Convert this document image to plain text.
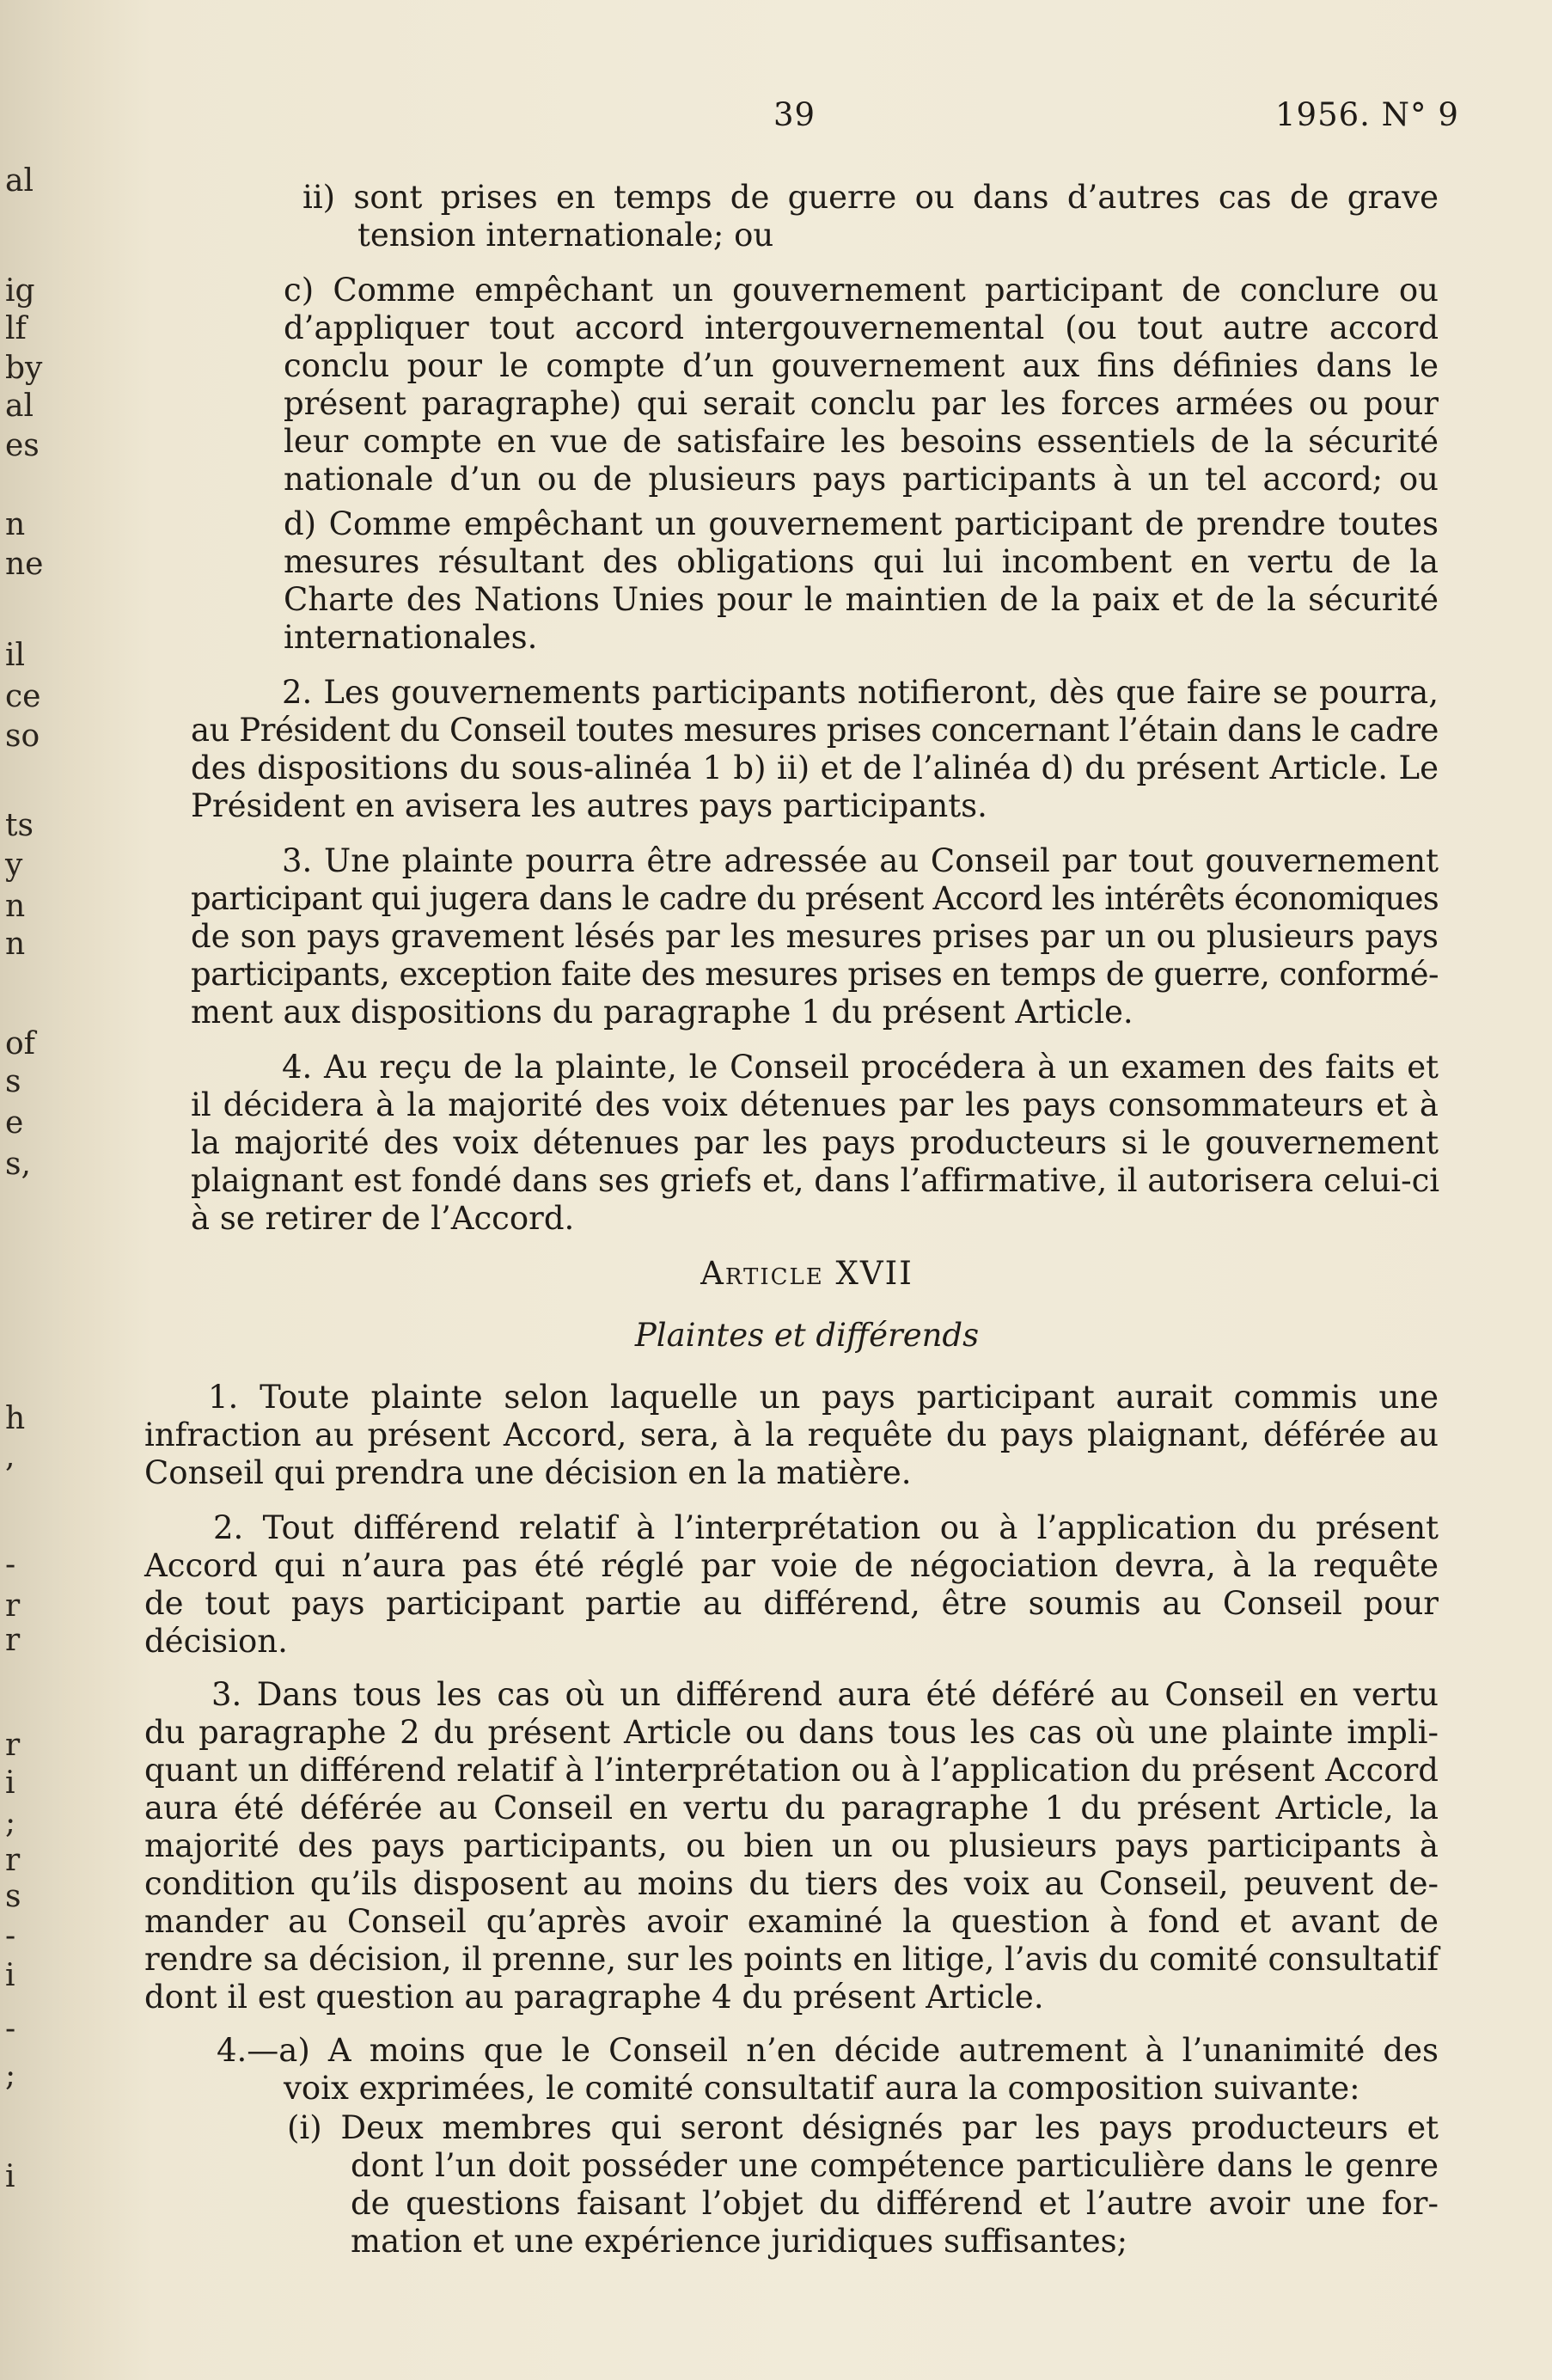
al
ig
lf
by
al
es
n
ne
il
ce
so
ts
y
n
n
of
s
e
s,
h
,
-
r
r
r
i
;
r
s
-
i
-
;
i
39	1956. N° 9
Article XVII
Plaintes et différends
ii) sont prises en temps de guerre ou dans d’autres cas de grave
tension internationale; ou
c) Comme empêchant un gouvernement participant de conclure ou
d’appliquer tout accord intergouvernemental (ou tout autre accord
conclu pour le compte d’un gouvernement aux fins définies dans le
présent paragraphe) qui serait conclu par les forces armées ou pour
leur compte en vue de satisfaire les besoins essentiels de la sécurité
nationale d’un ou de plusieurs pays participants à un tel accord; ou
d) Comme empêchant un gouvernement participant de prendre toutes
mesures résultant des obligations qui lui incombent en vertu de la
Charte des Nations Unies pour le maintien de la paix et de la sécurité
internationales.
2. Les gouvernements participants notifieront, dès que faire se pourra,
au Président du Conseil toutes mesures prises concernant l’étain dans le cadre
des dispositions du sous-alinéa 1 b) ii) et de l’alinéa d) du présent Article. Le
Président en avisera les autres pays participants.
3. Une plainte pourra être adressée au Conseil par tout gouvernement
participant qui jugera dans le cadre du présent Accord les intérêts économiques
de son pays gravement lésés par les mesures prises par un ou plusieurs pays
participants, exception faite des mesures prises en temps de guerre, conformé-
ment aux dispositions du paragraphe 1 du présent Article.
4. Au reçu de la plainte, le Conseil procédera à un examen des faits et
il décidera à la majorité des voix détenues par les pays consommateurs et à
la majorité des voix détenues par les pays producteurs si le gouvernement
plaignant est fondé dans ses griefs et, dans l’affirmative, il autorisera celui-ci
à se retirer de l’Accord.
1. Toute plainte selon laquelle un pays participant aurait commis une
infraction au présent Accord, sera, à la requête du pays plaignant, déférée au
Conseil qui prendra une décision en la matière.
2. Tout différend relatif à l’interprétation ou à l’application du présent
Accord qui n’aura pas été réglé par voie de négociation devra, à la requête
de tout pays participant partie au différend, être soumis au Conseil pour
décision.
3. Dans tous les cas où un différend aura été déféré au Conseil en vertu
du paragraphe 2 du présent Article ou dans tous les cas où une plainte impli-
quant un différend relatif à l’interprétation ou à l’application du présent Accord
aura été déférée au Conseil en vertu du paragraphe 1 du présent Article, la
majorité des pays participants, ou bien un ou plusieurs pays participants à
condition qu’ils disposent au moins du tiers des voix au Conseil, peuvent de-
mander au Conseil qu’après avoir examiné la question à fond et avant de
rendre sa décision, il prenne, sur les points en litige, l’avis du comité consultatif
dont il est question au paragraphe 4 du présent Article.
4.—a) A moins que le Conseil n’en décide autrement à l’unanimité des
voix exprimées, le comité consultatif aura la composition suivante:
(i) Deux membres qui seront désignés par les pays producteurs et
dont l’un doit posséder une compétence particulière dans le genre
de questions faisant l’objet du différend et l’autre avoir une for-
mation et une expérience juridiques suffisantes;
